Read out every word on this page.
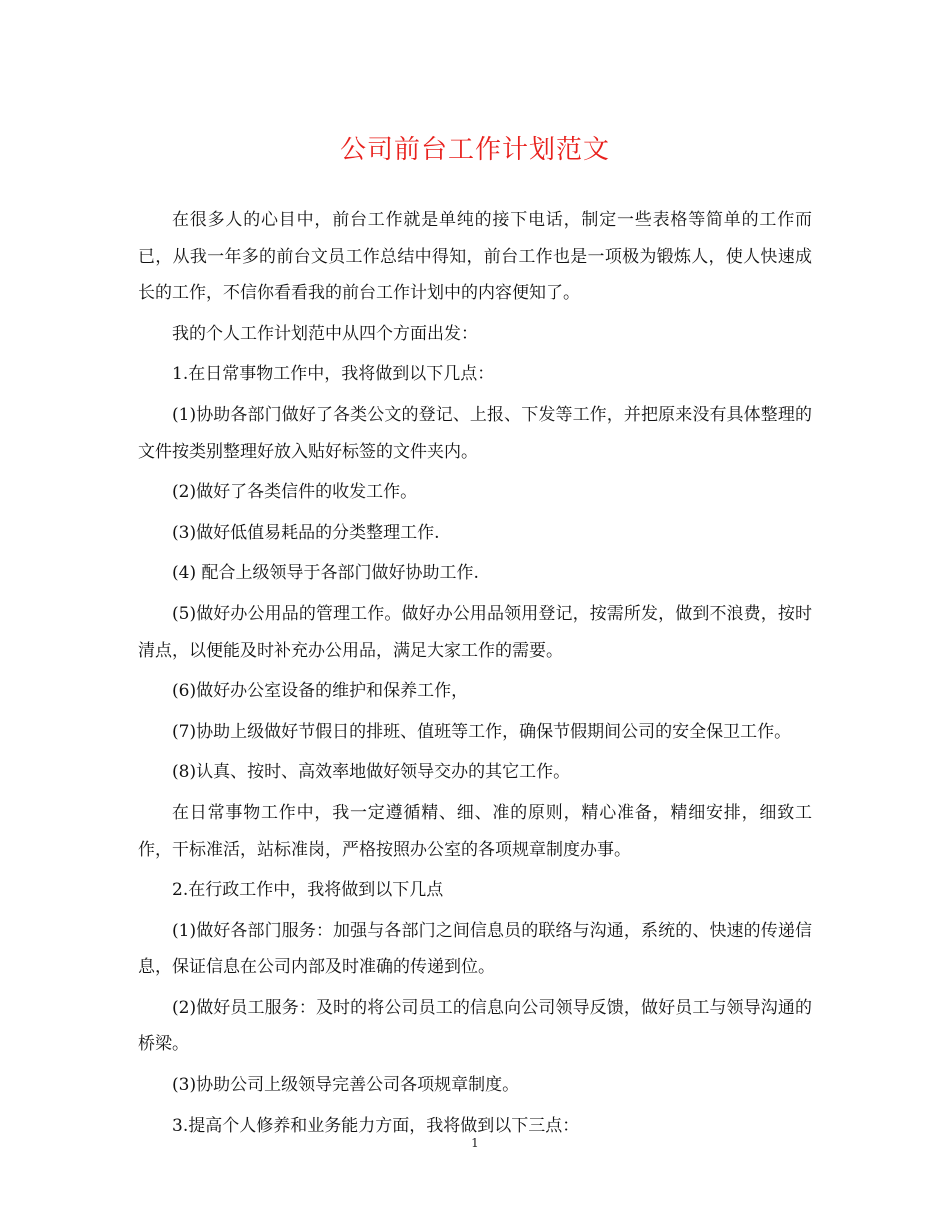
公司前台工作计划范文

在很多人的心目中，前台工作就是单纯的接下电话，制定一些表格等简单的工作而已，从我一年多的前台文员工作总结中得知，前台工作也是一项极为锻炼人，使人快速成长的工作，不信你看看我的前台工作计划中的内容便知了。

我的个人工作计划范中从四个方面出发：

1.在日常事物工作中，我将做到以下几点：

(1)协助各部门做好了各类公文的登记、上报、下发等工作，并把原来没有具体整理的文件按类别整理好放入贴好标签的文件夹内。

(2)做好了各类信件的收发工作。

(3)做好低值易耗品的分类整理工作.

(4) 配合上级领导于各部门做好协助工作.

(5)做好办公用品的管理工作。做好办公用品领用登记，按需所发，做到不浪费，按时清点，以便能及时补充办公用品，满足大家工作的需要。

(6)做好办公室设备的维护和保养工作，

(7)协助上级做好节假日的排班、值班等工作，确保节假期间公司的安全保卫工作。

(8)认真、按时、高效率地做好领导交办的其它工作。

在日常事物工作中，我一定遵循精、细、准的原则，精心准备，精细安排，细致工作，干标准活，站标准岗，严格按照办公室的各项规章制度办事。

2.在行政工作中，我将做到以下几点

(1)做好各部门服务：加强与各部门之间信息员的联络与沟通，系统的、快速的传递信息，保证信息在公司内部及时准确的传递到位。

(2)做好员工服务：及时的将公司员工的信息向公司领导反馈，做好员工与领导沟通的桥梁。

(3)协助公司上级领导完善公司各项规章制度。

3.提高个人修养和业务能力方面，我将做到以下三点：

1
